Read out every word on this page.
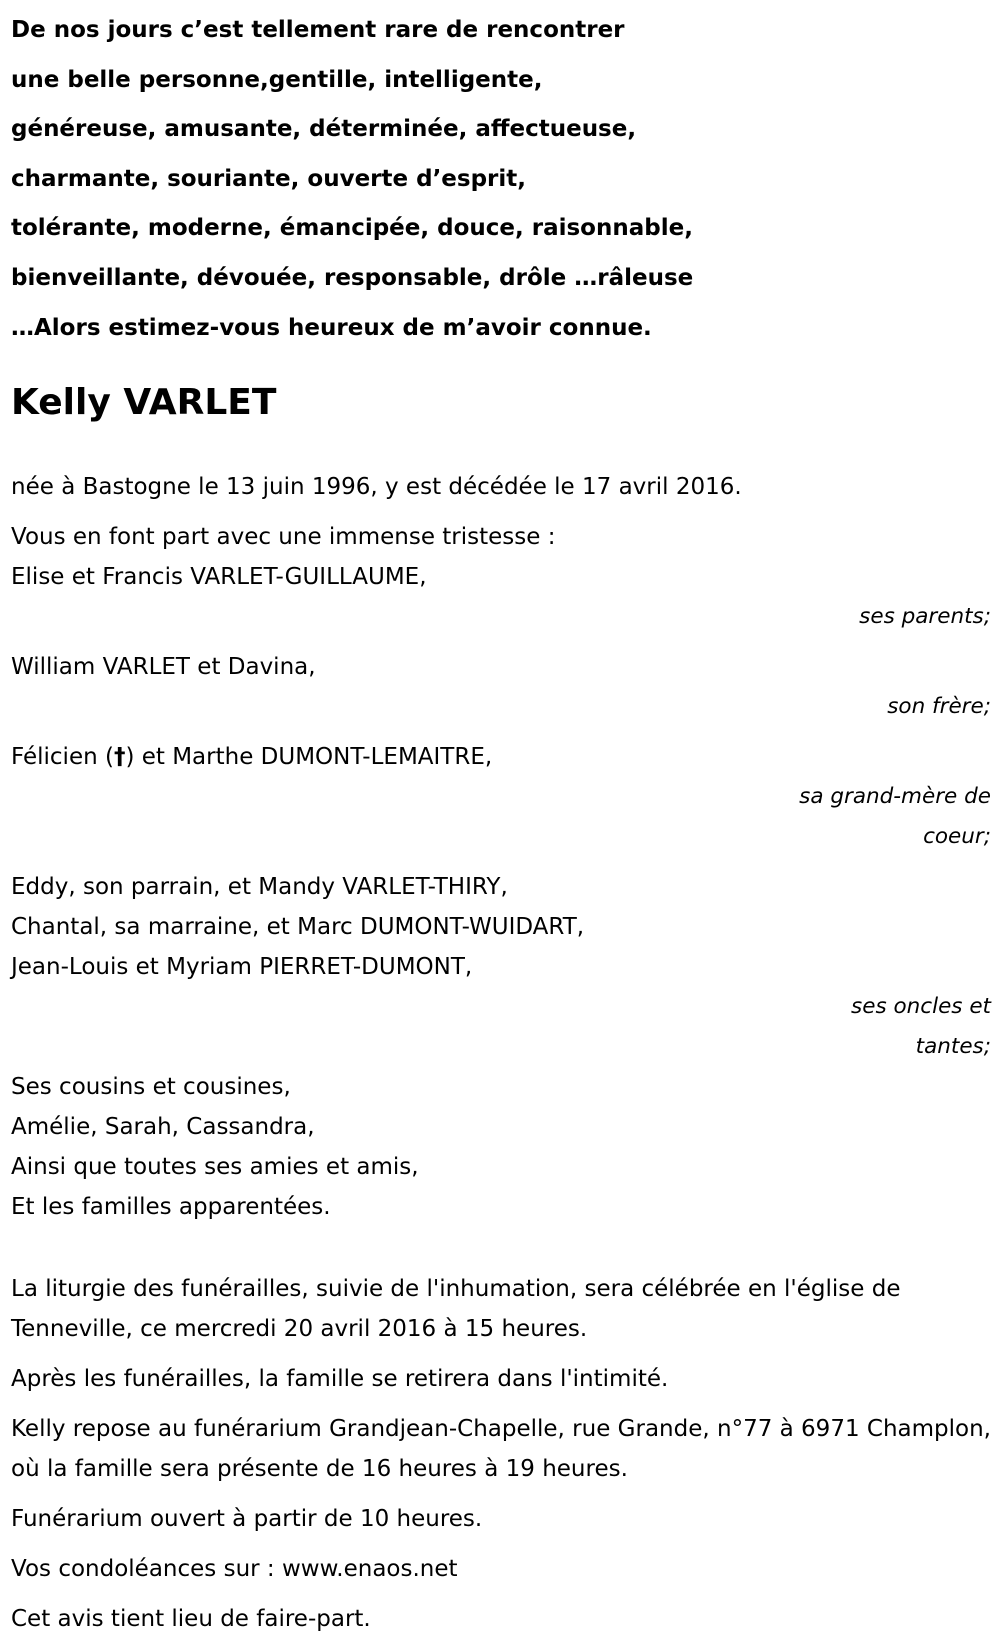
De nos jours c’est tellement rare de rencontrer
une belle personne,gentille, intelligente,
généreuse, amusante, déterminée, affectueuse,
charmante, souriante, ouverte d’esprit,
tolérante, moderne, émancipée, douce, raisonnable,
bienveillante, dévouée, responsable, drôle …râleuse
…Alors estimez-vous heureux de m’avoir connue.
Kelly VARLET
née à Bastogne le 13 juin 1996, y est décédée le 17 avril 2016.
Vous en font part avec une immense tristesse :
Elise et Francis VARLET-GUILLAUME,
ses parents;
William VARLET et Davina,
son frère;
Félicien (†) et Marthe DUMONT-LEMAITRE,
sa grand-mère de
coeur;
Eddy, son parrain, et Mandy VARLET-THIRY,
Chantal, sa marraine, et Marc DUMONT-WUIDART,
Jean-Louis et Myriam PIERRET-DUMONT,
ses oncles et
tantes;
Ses cousins et cousines,
Amélie, Sarah, Cassandra,
Ainsi que toutes ses amies et amis,
Et les familles apparentées.
La liturgie des funérailles, suivie de l'inhumation, sera célébrée en l'église de Tenneville, ce mercredi 20 avril 2016 à 15 heures.
Après les funérailles, la famille se retirera dans l'intimité.
Kelly repose au funérarium Grandjean-Chapelle, rue Grande, n°77 à 6971 Champlon, où la famille sera présente de 16 heures à 19 heures.
Funérarium ouvert à partir de 10 heures.
Vos condoléances sur : www.enaos.net
Cet avis tient lieu de faire-part.
